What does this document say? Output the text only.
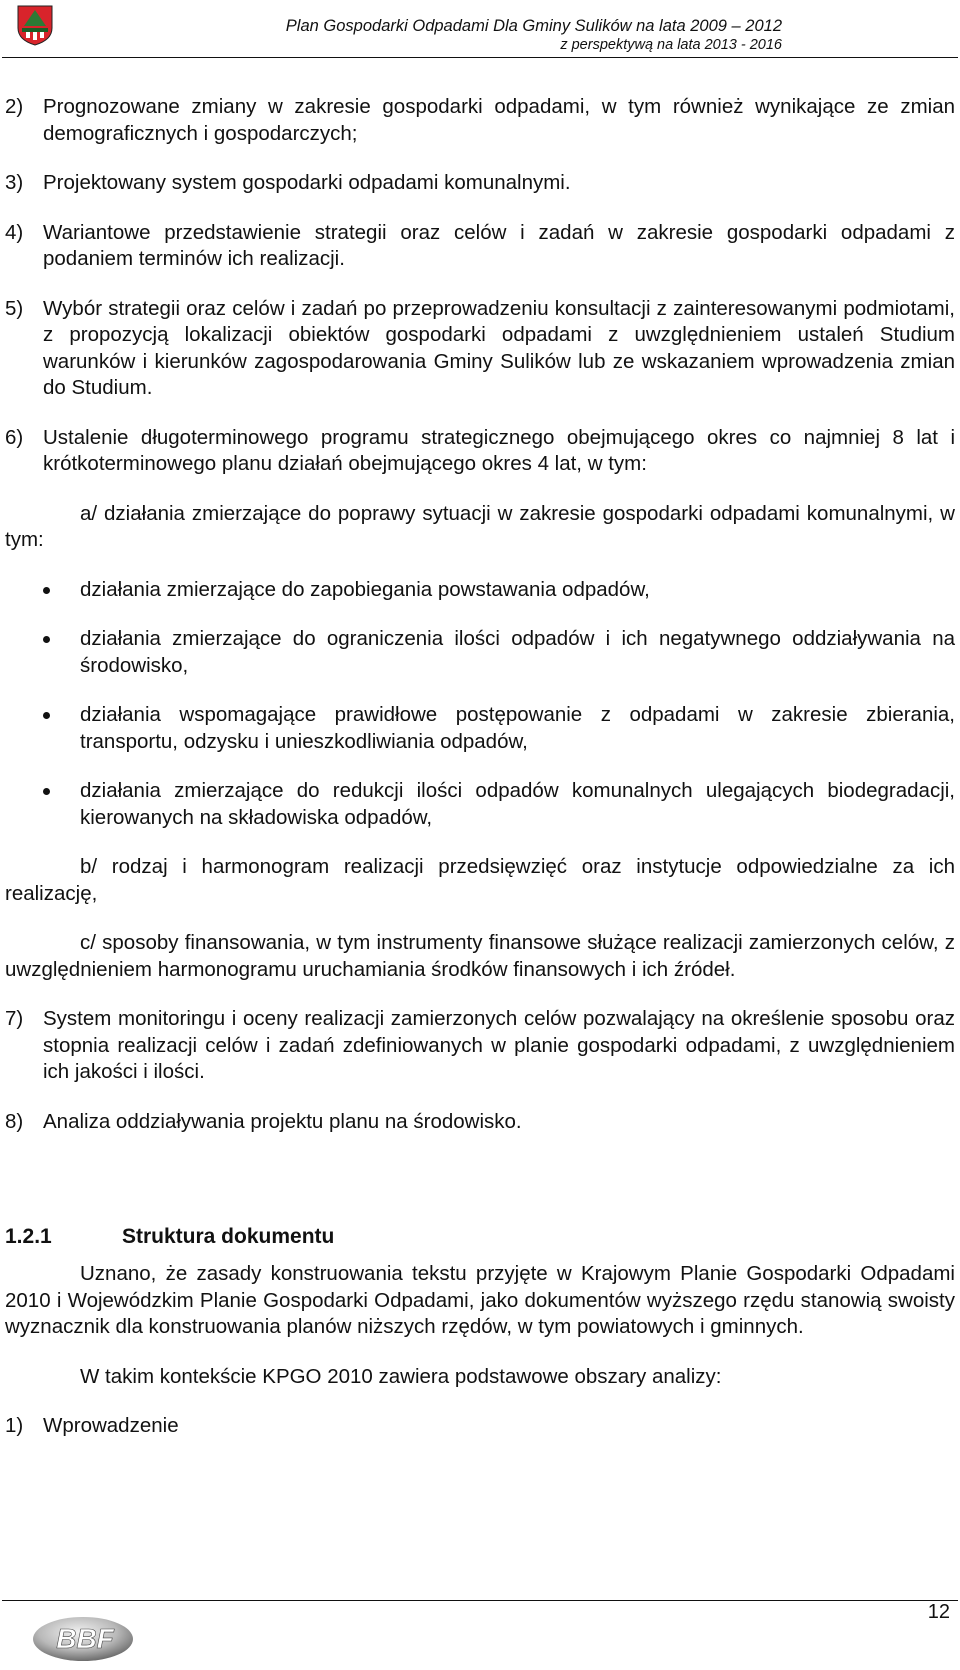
Plan Gospodarki Odpadami Dla Gminy Sulików na lata 2009 – 2012
z perspektywą na lata 2013 - 2016
2) Prognozowane zmiany w zakresie gospodarki odpadami, w tym również wynikające ze zmian demograficznych i gospodarczych;
3) Projektowany system gospodarki odpadami komunalnymi.
4) Wariantowe przedstawienie strategii oraz celów i zadań w zakresie gospodarki odpadami z podaniem terminów ich realizacji.
5) Wybór strategii oraz celów i zadań po przeprowadzeniu konsultacji z zainteresowanymi podmiotami, z propozycją lokalizacji obiektów gospodarki odpadami z uwzględnieniem ustaleń Studium warunków i kierunków zagospodarowania Gminy Sulików lub ze wskazaniem wprowadzenia zmian do Studium.
6) Ustalenie długoterminowego programu strategicznego obejmującego okres co najmniej 8 lat i krótkoterminowego planu działań obejmującego okres 4 lat, w tym:
a/ działania zmierzające do poprawy sytuacji w zakresie gospodarki odpadami komunalnymi, w tym:
działania zmierzające do zapobiegania powstawania odpadów,
działania zmierzające do ograniczenia ilości odpadów i ich negatywnego oddziaływania na środowisko,
działania wspomagające prawidłowe postępowanie z odpadami w zakresie zbierania, transportu, odzysku i unieszkodliwiania odpadów,
działania zmierzające do redukcji ilości odpadów komunalnych ulegających biodegradacji, kierowanych na składowiska odpadów,
b/ rodzaj i harmonogram realizacji przedsięwzięć oraz instytucje odpowiedzialne za ich realizację,
c/ sposoby finansowania, w tym instrumenty finansowe służące realizacji zamierzonych celów, z uwzględnieniem harmonogramu uruchamiania środków finansowych i ich źródeł.
7) System monitoringu i oceny realizacji zamierzonych celów pozwalający na określenie sposobu oraz stopnia realizacji celów i zadań zdefiniowanych w planie gospodarki odpadami, z uwzględnieniem ich jakości i ilości.
8) Analiza oddziaływania projektu planu na środowisko.
1.2.1	Struktura dokumentu
Uznano, że zasady konstruowania tekstu przyjęte w Krajowym Planie Gospodarki Odpadami 2010 i Wojewódzkim Planie Gospodarki Odpadami, jako dokumentów wyższego rzędu stanowią swoisty wyznacznik dla konstruowania planów niższych rzędów, w tym powiatowych i gminnych.
W takim kontekście KPGO 2010 zawiera podstawowe obszary analizy:
1) Wprowadzenie
12
BBF
